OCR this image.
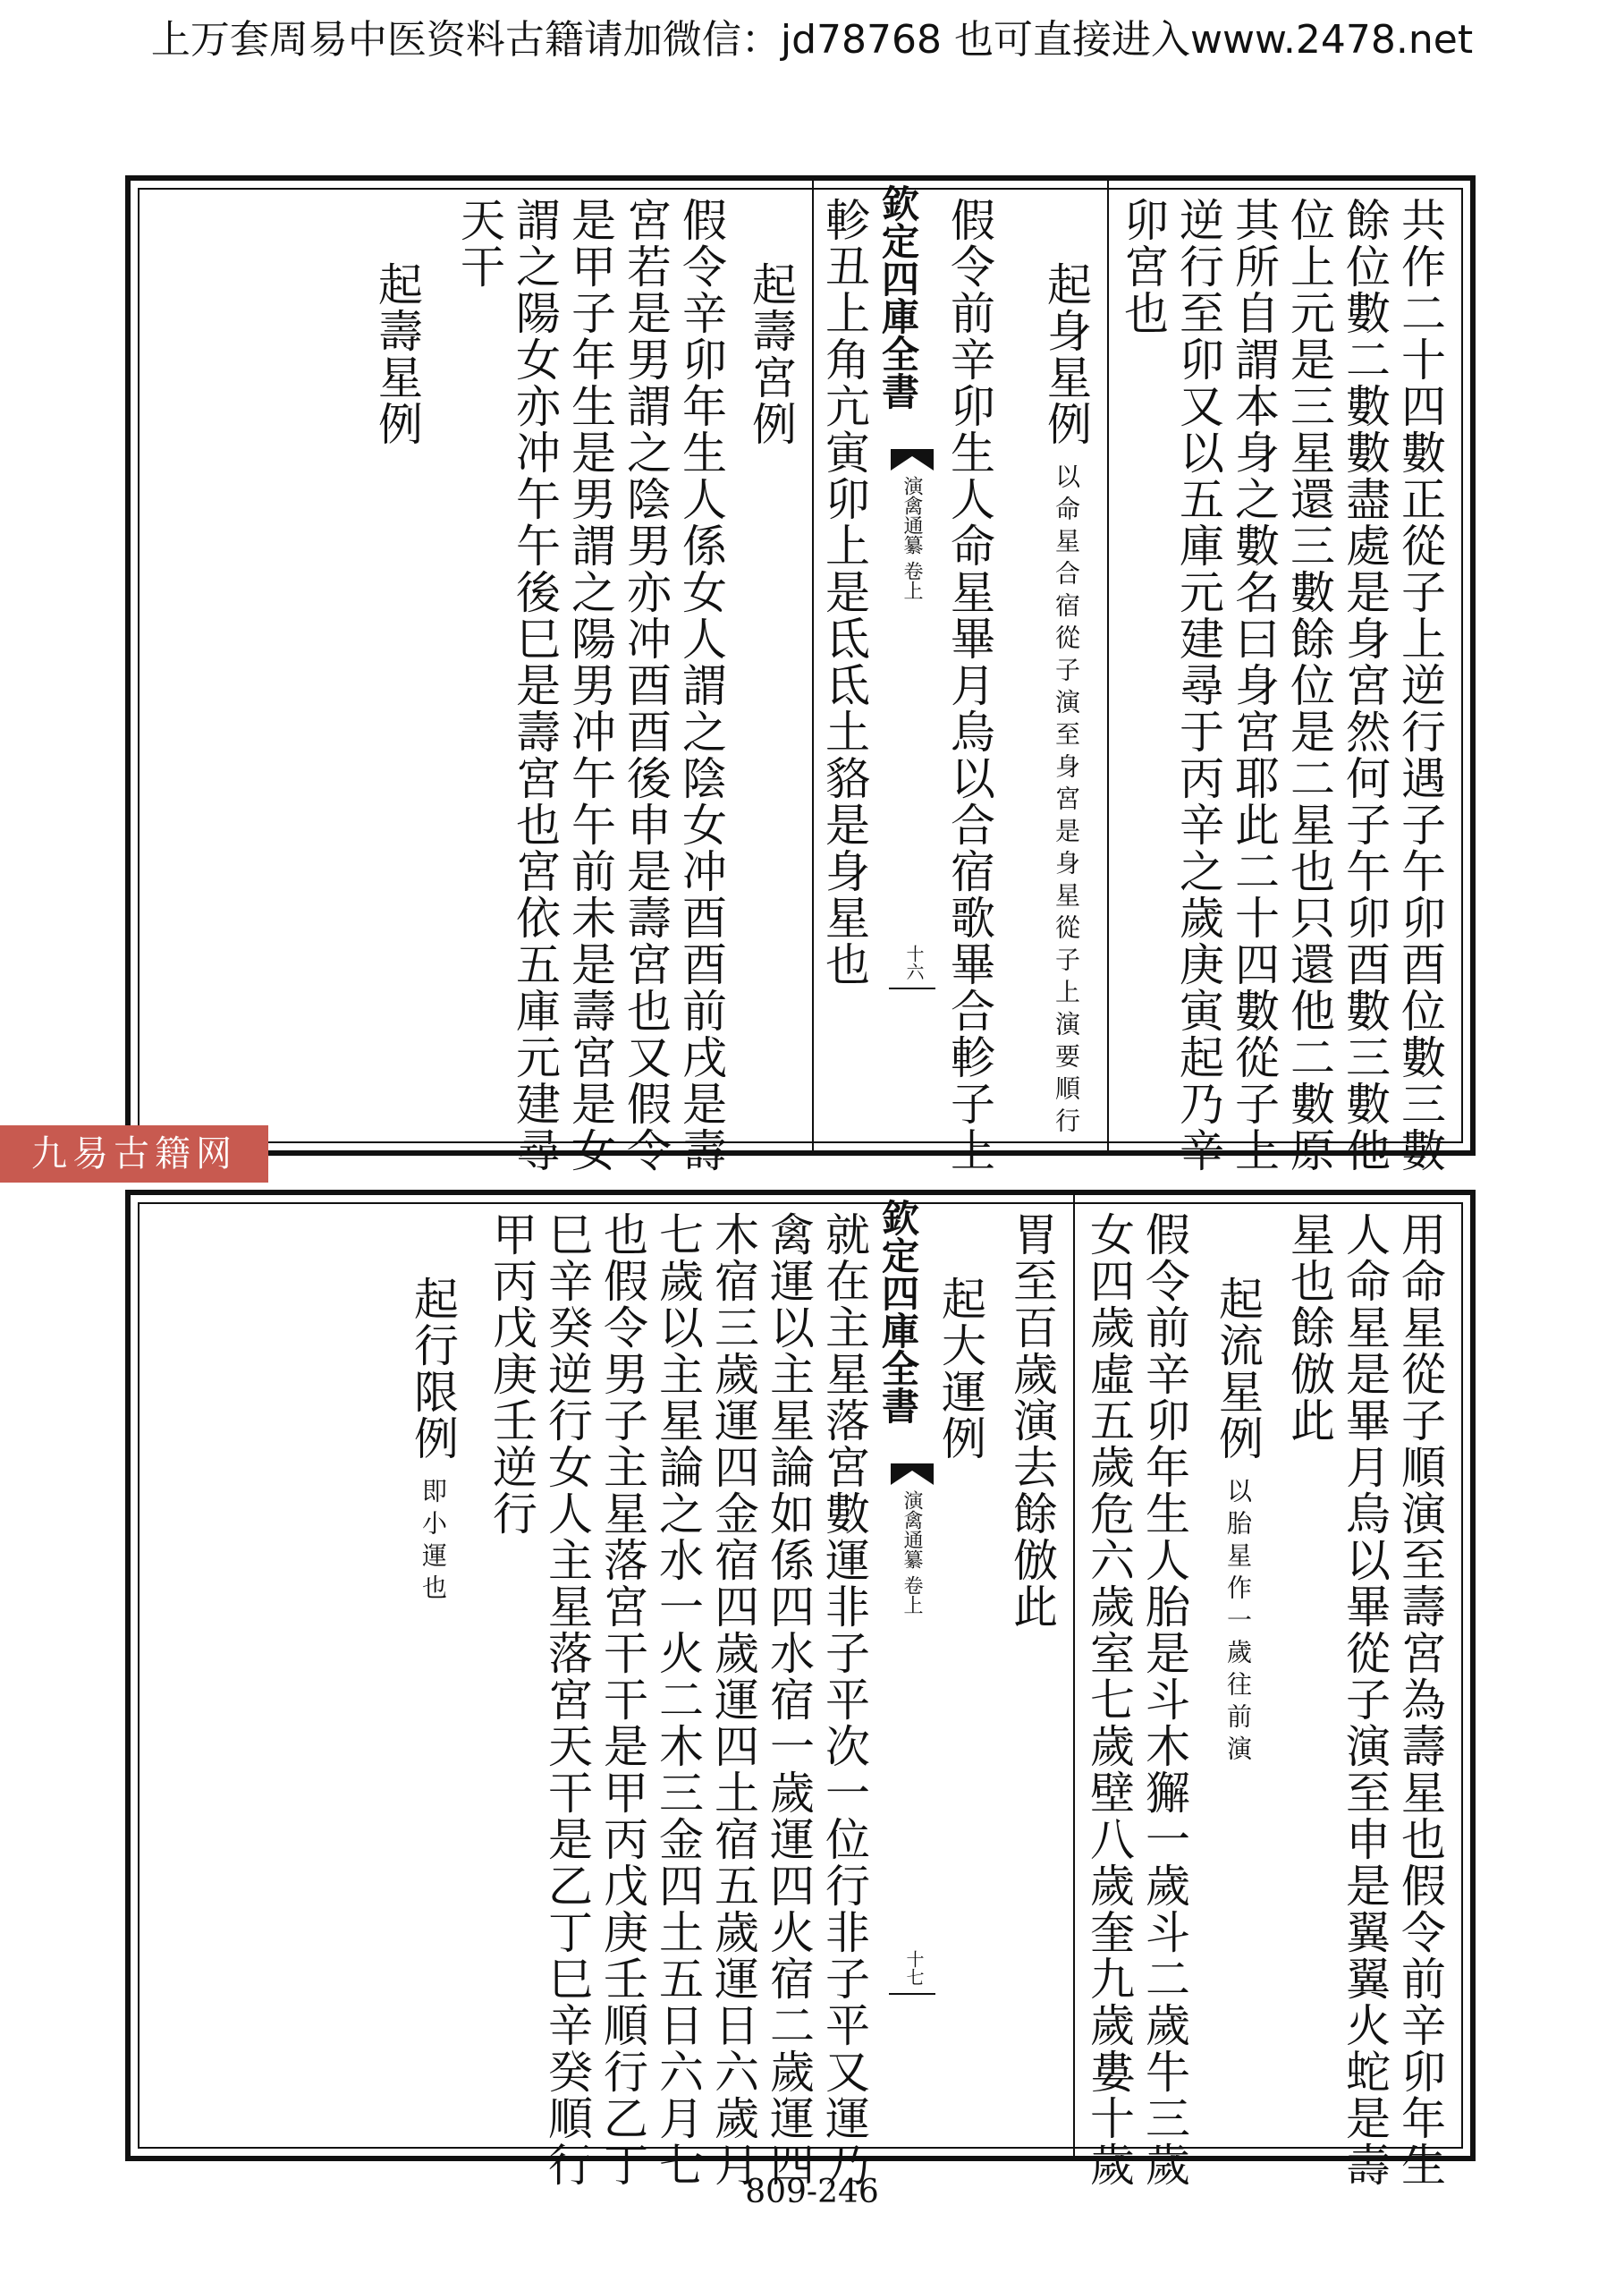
上万套周易中医资料古籍请加微信：jd78768 也可直接进入www.2478.net
共作二十四數正從子上逆行遇子午卯酉位數三數
餘位數二數數盡處是身宮然何子午卯酉數三數他
位上元是三星還三數餘位是二星也只還他二數原
其所自謂本身之數名曰身宮耶此二十四數從子上
逆行至卯又以五庫元建尋于丙辛之歲庚寅起乃辛
卯宮也
起身星例 以命星合宿從子演至身宮是身星從子上演要順行
假令前辛卯生人命星畢月烏以合宿歌畢合軫子上
欽定四庫全書
演禽通纂 卷上
十六
軫丑上角亢寅卯上是氐氐土貉是身星也
起壽宮例
假令辛卯年生人係女人謂之陰女冲酉酉前戌是壽
宮若是男謂之陰男亦冲酉酉後申是壽宮也又假令
是甲子年生是男謂之陽男冲午午前未是壽宮是女
謂之陽女亦冲午午後巳是壽宮也宮依五庫元建尋
天干
起壽星例
九易古籍网
用命星從子順演至壽宮為壽星也假令前辛卯年生
人命星是畢月烏以畢從子演至申是翼翼火蛇是壽
星也餘倣此
起流星例 以胎星作一歲往前演
假令前辛卯年生人胎是斗木獬一歲斗二歲牛三歲
女四歲虛五歲危六歲室七歲壁八歲奎九歲婁十歲
胃至百歲演去餘倣此
起大運例
欽定四庫全書
演禽通纂 卷上
十七
就在主星落宮數運非子平次一位行非子平又運乃
禽運以主星論如係四水宿一歲運四火宿二歲運四
木宿三歲運四金宿四歲運四土宿五歲運日六歲月
七歲以主星論之水一火二木三金四土五日六月七
也假令男子主星落宮干干是甲丙戊庚壬順行乙丁
巳辛癸逆行女人主星落宮天干是乙丁巳辛癸順行
甲丙戊庚壬逆行
起行限例 即小運也
809-246
